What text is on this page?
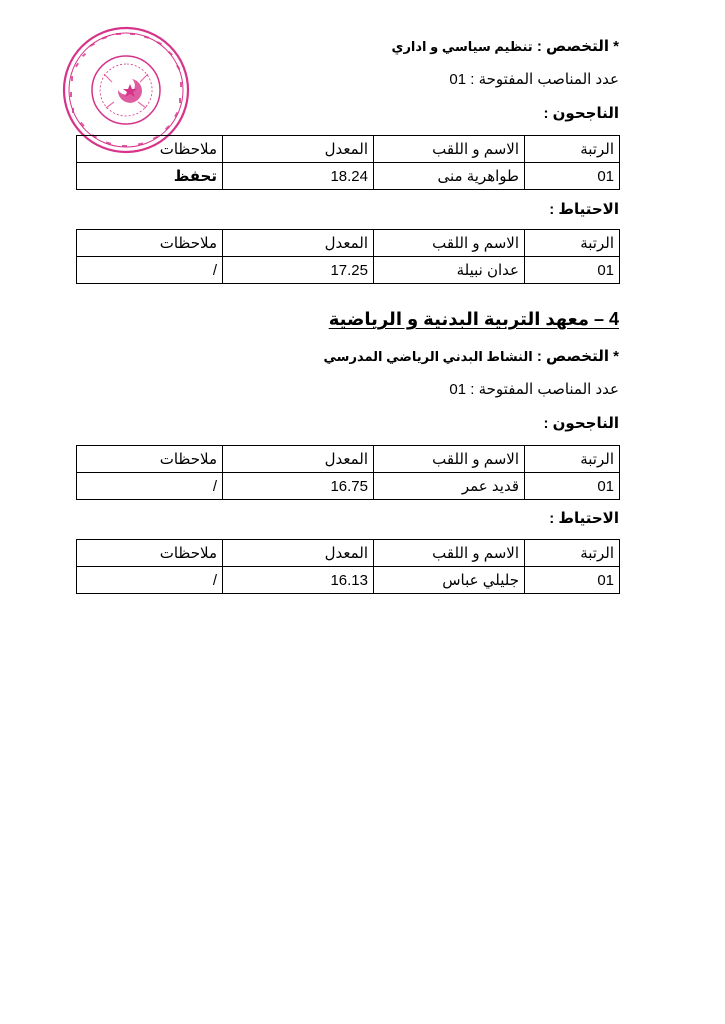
* التخصص : تنظيم سياسي و اداري
عدد المناصب المفتوحة : 01
الناجحون :
الرتبة	الاسم و اللقب	المعدل	ملاحظات
01	طواهرية منى	18.24	تحفظ
الاحتياط :
الرتبة	الاسم و اللقب	المعدل	ملاحظات
01	عدان نبيلة	17.25	/
4 – معهد التربية البدنية و الرياضية
* التخصص : النشاط البدني الرياضي المدرسي
عدد المناصب المفتوحة : 01
الناجحون :
الرتبة	الاسم و اللقب	المعدل	ملاحظات
01	قديد عمر	16.75	/
الاحتياط :
الرتبة	الاسم و اللقب	المعدل	ملاحظات
01	جليلي عباس	16.13	/
